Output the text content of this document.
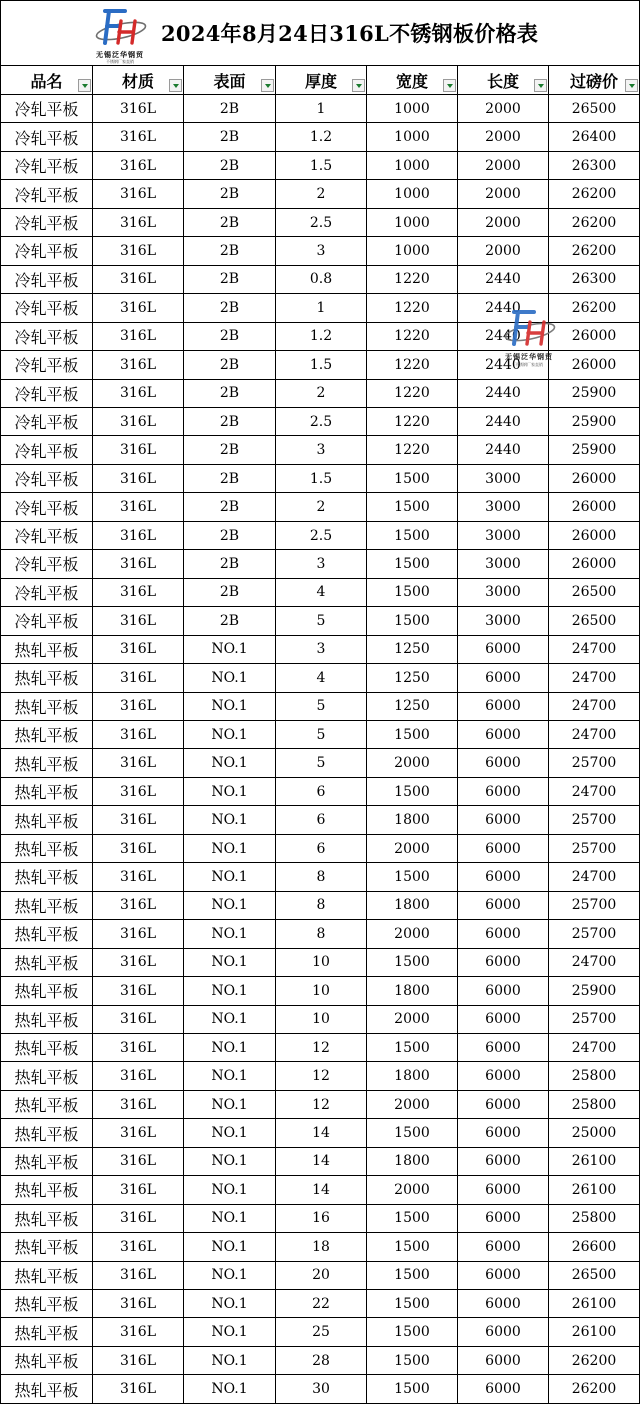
无锡泛华钢贸
不锈钢厂家直销
2024年8月24日316L不锈钢板价格表
品名	材质	表面	厚度	宽度	长度	过磅价

冷轧平板	316L	2B	1	1000	2000	26500
冷轧平板	316L	2B	1.2	1000	2000	26400
冷轧平板	316L	2B	1.5	1000	2000	26300
冷轧平板	316L	2B	2	1000	2000	26200
冷轧平板	316L	2B	2.5	1000	2000	26200
冷轧平板	316L	2B	3	1000	2000	26200
冷轧平板	316L	2B	0.8	1220	2440	26300
冷轧平板	316L	2B	1	1220	2440	26200
冷轧平板	316L	2B	1.2	1220	2440	26000
冷轧平板	316L	2B	1.5	1220	2440	26000
冷轧平板	316L	2B	2	1220	2440	25900
冷轧平板	316L	2B	2.5	1220	2440	25900
冷轧平板	316L	2B	3	1220	2440	25900
冷轧平板	316L	2B	1.5	1500	3000	26000
冷轧平板	316L	2B	2	1500	3000	26000
冷轧平板	316L	2B	2.5	1500	3000	26000
冷轧平板	316L	2B	3	1500	3000	26000
冷轧平板	316L	2B	4	1500	3000	26500
冷轧平板	316L	2B	5	1500	3000	26500
热轧平板	316L	NO.1	3	1250	6000	24700
热轧平板	316L	NO.1	4	1250	6000	24700
热轧平板	316L	NO.1	5	1250	6000	24700
热轧平板	316L	NO.1	5	1500	6000	24700
热轧平板	316L	NO.1	5	2000	6000	25700
热轧平板	316L	NO.1	6	1500	6000	24700
热轧平板	316L	NO.1	6	1800	6000	25700
热轧平板	316L	NO.1	6	2000	6000	25700
热轧平板	316L	NO.1	8	1500	6000	24700
热轧平板	316L	NO.1	8	1800	6000	25700
热轧平板	316L	NO.1	8	2000	6000	25700
热轧平板	316L	NO.1	10	1500	6000	24700
热轧平板	316L	NO.1	10	1800	6000	25900
热轧平板	316L	NO.1	10	2000	6000	25700
热轧平板	316L	NO.1	12	1500	6000	24700
热轧平板	316L	NO.1	12	1800	6000	25800
热轧平板	316L	NO.1	12	2000	6000	25800
热轧平板	316L	NO.1	14	1500	6000	25000
热轧平板	316L	NO.1	14	1800	6000	26100
热轧平板	316L	NO.1	14	2000	6000	26100
热轧平板	316L	NO.1	16	1500	6000	25800
热轧平板	316L	NO.1	18	1500	6000	26600
热轧平板	316L	NO.1	20	1500	6000	26500
热轧平板	316L	NO.1	22	1500	6000	26100
热轧平板	316L	NO.1	25	1500	6000	26100
热轧平板	316L	NO.1	28	1500	6000	26200
热轧平板	316L	NO.1	30	1500	6000	26200
无锡泛华钢贸
不锈钢厂家直销
